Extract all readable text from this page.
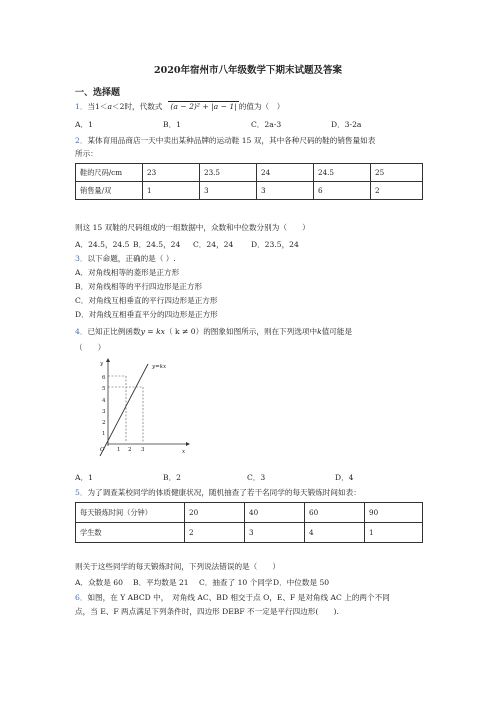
2020年宿州市八年级数学下期末试题及答案
一、选择题
1．当1＜a＜2时，代数式 (a − 2)² + |a − 1| 的值为（　）
A．1	B．1	C．2a-3	D．3-2a
2．某体育用品商店一天中卖出某种品牌的运动鞋 15 双，其中各种尺码的鞋的销售量如表
所示：
鞋的尺码/cm	23	23.5	24	24.5	25
销售量/双	1	3	3	6	2
则这 15 双鞋的尺码组成的一组数据中，众数和中位数分别为（　　）
A．24.5，24.5 B．24.5，24 C．24，24 D．23.5，24
3．以下命题，正确的是（ ）.
A．对角线相等的菱形是正方形
B．对角线相等的平行四边形是正方形
C．对角线互相垂直的平行四边形是正方形
D．对角线互相垂直平分的四边形是正方形
4．已知正比例函数y = kx（ k ≠ 0）的图象如图所示，则在下列选项中k值可能是
（　　）
y
x
O
y=kx
1
2
3
4
5
6
1 2 3
A．1	B．2	C．3	D．4
5．为了调查某校同学的体质健康状况，随机抽查了若干名同学的每天锻炼时间如表：
每天锻炼时间（分钟）	20	40	60	90
学生数	2	3	4	1
则关于这些同学的每天锻炼时间，下列说法错误的是（　　）
A．众数是 60 B．平均数是 21 C．抽查了 10 个同学D．中位数是 50
6．如图，在 Y ABCD 中，　对角线 AC、BD 相交于点 O，E、F 是对角线 AC 上的两个不同
点，当 E、F 两点满足下列条件时，四边形 DEBF 不一定是平行四边形(　　).
